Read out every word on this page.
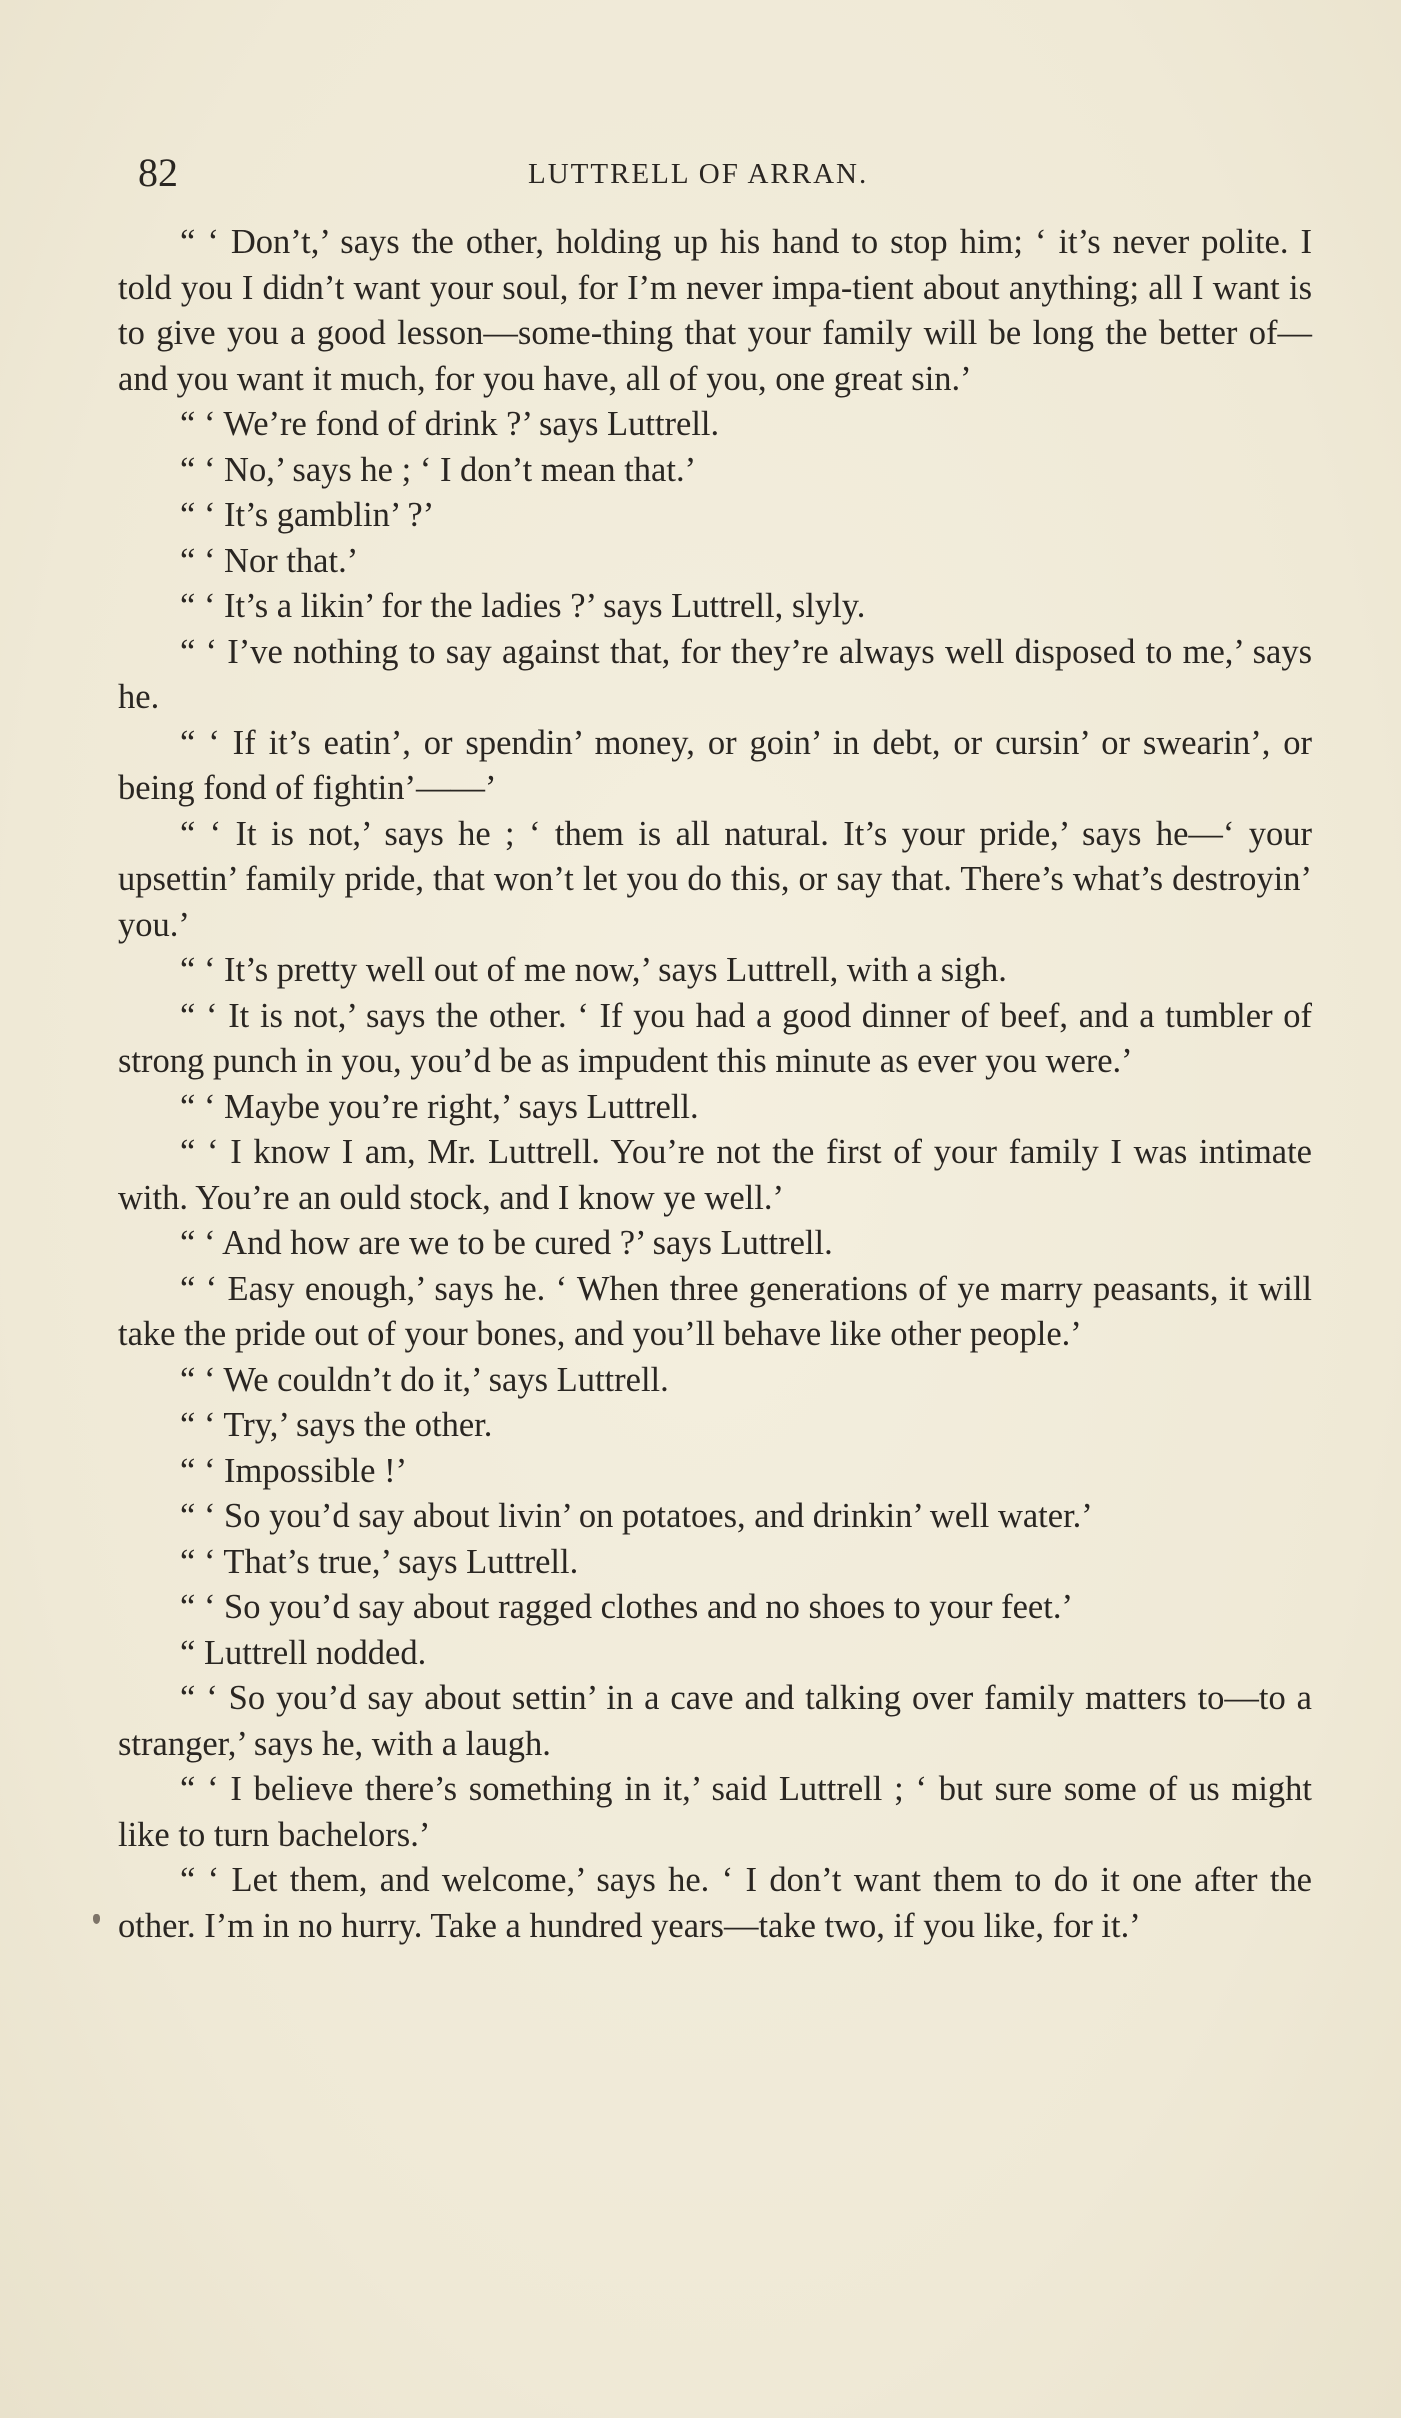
82	LUTTRELL OF ARRAN.

“ ‘ Don’t,’ says the other, holding up his hand to stop him; ‘ it’s never polite. I told you I didn’t want your soul, for I’m never impa-tient about anything; all I want is to give you a good lesson—some-thing that your family will be long the better of—and you want it much, for you have, all of you, one great sin.’

“ ‘ We’re fond of drink ?’ says Luttrell.

“ ‘ No,’ says he ; ‘ I don’t mean that.’

“ ‘ It’s gamblin’ ?’

“ ‘ Nor that.’

“ ‘ It’s a likin’ for the ladies ?’ says Luttrell, slyly.

“ ‘ I’ve nothing to say against that, for they’re always well disposed to me,’ says he.

“ ‘ If it’s eatin’, or spendin’ money, or goin’ in debt, or cursin’ or swearin’, or being fond of fightin’——’

“ ‘ It is not,’ says he ; ‘ them is all natural. It’s your pride,’ says he—‘ your upsettin’ family pride, that won’t let you do this, or say that. There’s what’s destroyin’ you.’

“ ‘ It’s pretty well out of me now,’ says Luttrell, with a sigh.

“ ‘ It is not,’ says the other. ‘ If you had a good dinner of beef, and a tumbler of strong punch in you, you’d be as impudent this minute as ever you were.’

“ ‘ Maybe you’re right,’ says Luttrell.

“ ‘ I know I am, Mr. Luttrell. You’re not the first of your family I was intimate with. You’re an ould stock, and I know ye well.’

“ ‘ And how are we to be cured ?’ says Luttrell.

“ ‘ Easy enough,’ says he. ‘ When three generations of ye marry peasants, it will take the pride out of your bones, and you’ll behave like other people.’

“ ‘ We couldn’t do it,’ says Luttrell.

“ ‘ Try,’ says the other.

“ ‘ Impossible !’

“ ‘ So you’d say about livin’ on potatoes, and drinkin’ well water.’

“ ‘ That’s true,’ says Luttrell.

“ ‘ So you’d say about ragged clothes and no shoes to your feet.’

“ Luttrell nodded.

“ ‘ So you’d say about settin’ in a cave and talking over family matters to—to a stranger,’ says he, with a laugh.

“ ‘ I believe there’s something in it,’ said Luttrell ; ‘ but sure some of us might like to turn bachelors.’

“ ‘ Let them, and welcome,’ says he. ‘ I don’t want them to do it one after the other. I’m in no hurry. Take a hundred years—take two, if you like, for it.’
